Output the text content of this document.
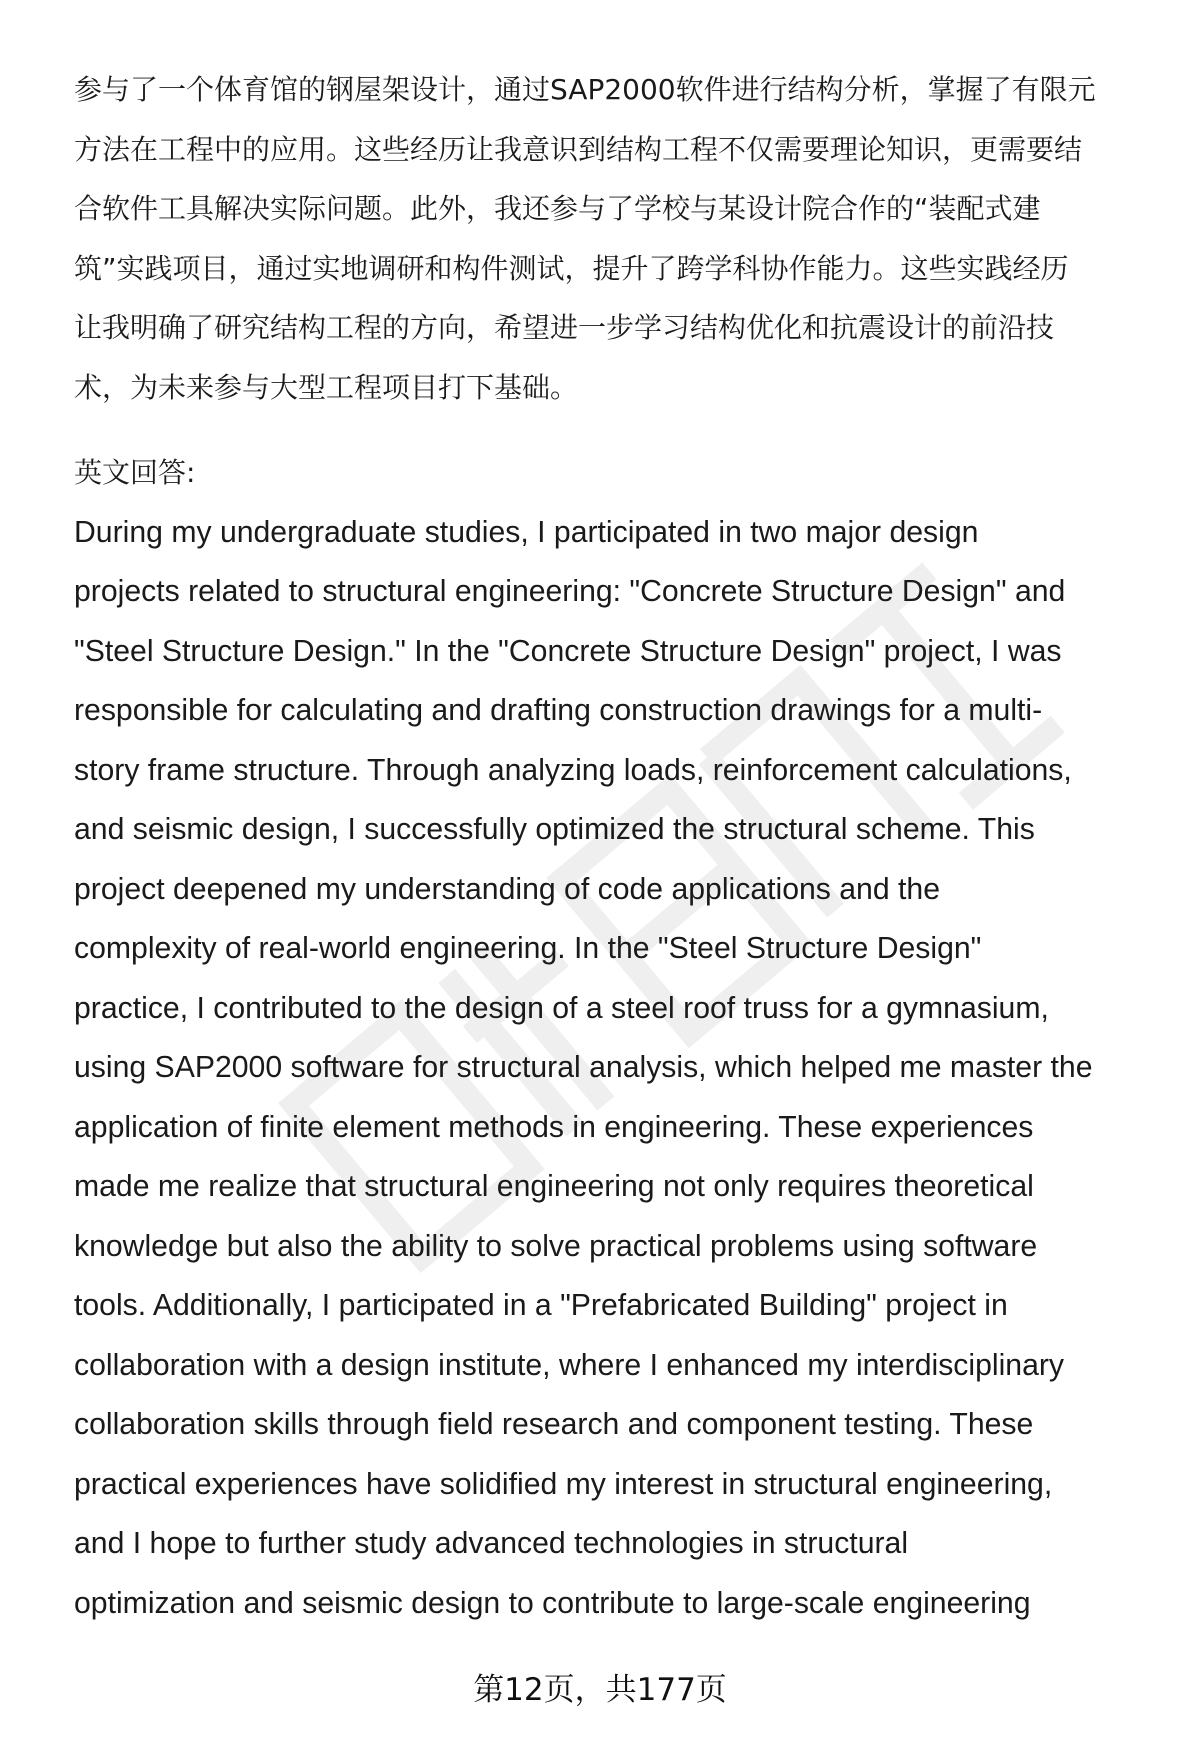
参与了一个体育馆的钢屋架设计，通过SAP2000软件进行结构分析，掌握了有限元
方法在工程中的应用。这些经历让我意识到结构工程不仅需要理论知识，更需要结
合软件工具解决实际问题。此外，我还参与了学校与某设计院合作的“装配式建
筑”实践项目，通过实地调研和构件测试，提升了跨学科协作能力。这些实践经历
让我明确了研究结构工程的方向，希望进一步学习结构优化和抗震设计的前沿技
术，为未来参与大型工程项目打下基础。

英文回答:

During my undergraduate studies, I participated in two major design
projects related to structural engineering: "Concrete Structure Design" and
"Steel Structure Design." In the "Concrete Structure Design" project, I was
responsible for calculating and drafting construction drawings for a multi-
story frame structure. Through analyzing loads, reinforcement calculations,
and seismic design, I successfully optimized the structural scheme. This
project deepened my understanding of code applications and the
complexity of real-world engineering. In the "Steel Structure Design"
practice, I contributed to the design of a steel roof truss for a gymnasium,
using SAP2000 software for structural analysis, which helped me master the
application of finite element methods in engineering. These experiences
made me realize that structural engineering not only requires theoretical
knowledge but also the ability to solve practical problems using software
tools. Additionally, I participated in a "Prefabricated Building" project in
collaboration with a design institute, where I enhanced my interdisciplinary
collaboration skills through field research and component testing. These
practical experiences have solidified my interest in structural engineering,
and I hope to further study advanced technologies in structural
optimization and seismic design to contribute to large-scale engineering

第12页，共177页
